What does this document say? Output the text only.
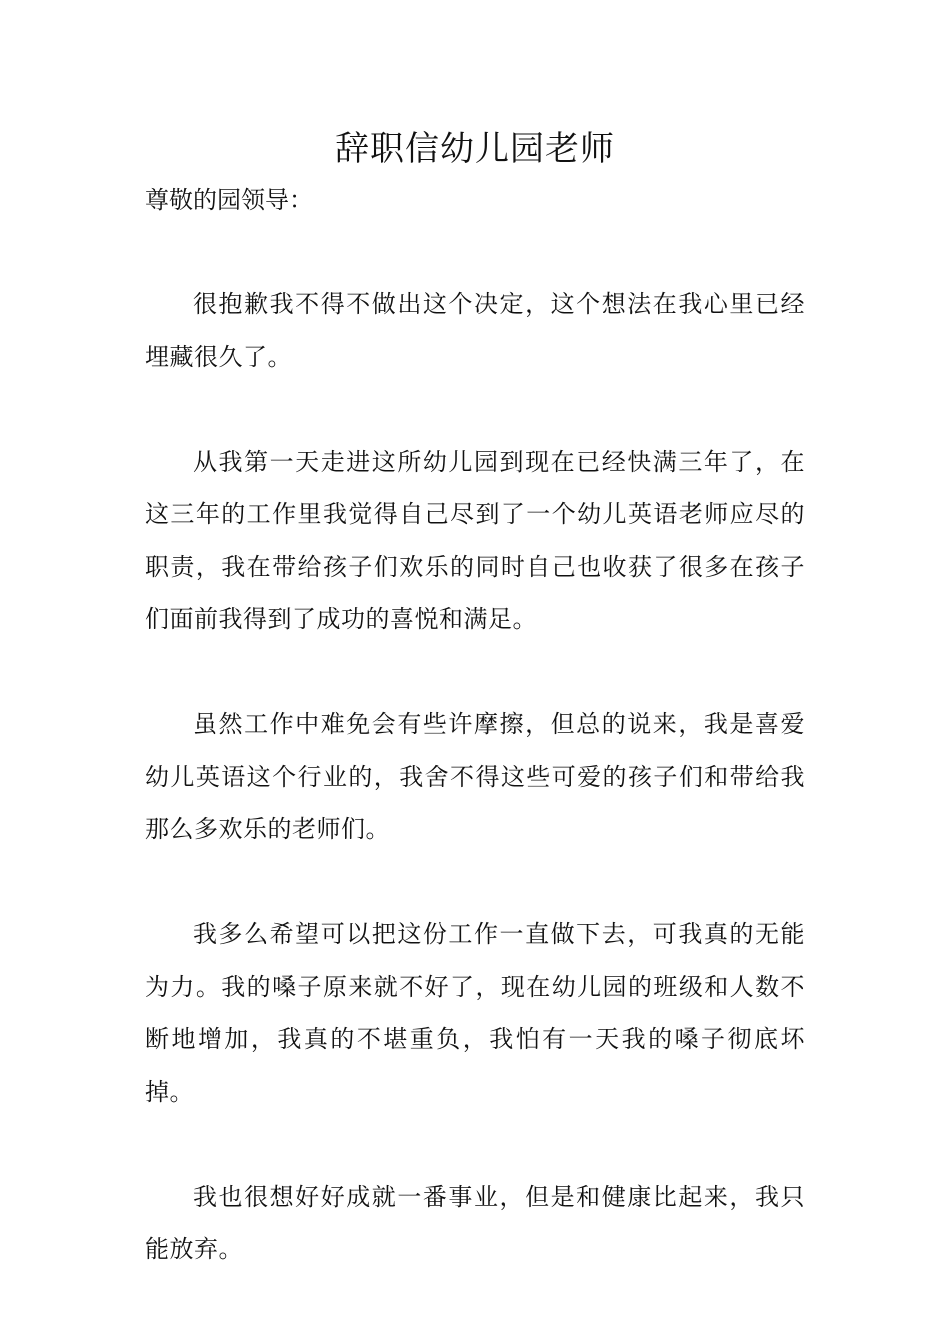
辞职信幼儿园老师
尊敬的园领导：

很抱歉我不得不做出这个决定，这个想法在我心里已经埋藏很久了。

从我第一天走进这所幼儿园到现在已经快满三年了，在这三年的工作里我觉得自己尽到了一个幼儿英语老师应尽的职责，我在带给孩子们欢乐的同时自己也收获了很多在孩子们面前我得到了成功的喜悦和满足。

虽然工作中难免会有些许摩擦，但总的说来，我是喜爱幼儿英语这个行业的，我舍不得这些可爱的孩子们和带给我那么多欢乐的老师们。

我多么希望可以把这份工作一直做下去，可我真的无能为力。我的嗓子原来就不好了，现在幼儿园的班级和人数不断地增加，我真的不堪重负，我怕有一天我的嗓子彻底坏掉。

我也很想好好成就一番事业，但是和健康比起来，我只能放弃。
